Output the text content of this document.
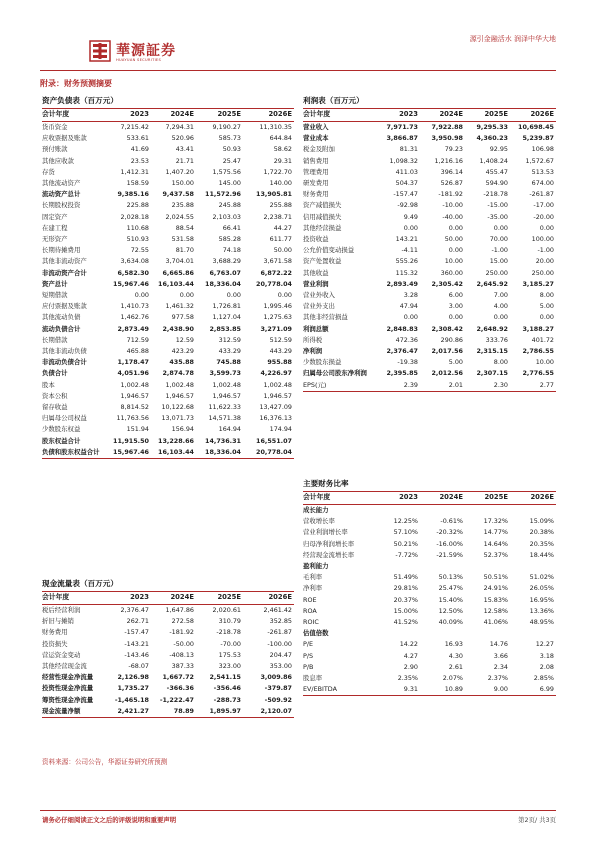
華源証券
HUAYUAN SECURITIES
源引金融活水 润泽中华大地
附录：财务预测摘要
资产负债表（百万元）
会计年度	2023	2024E	2025E	2026E
货币资金	7,215.42	7,294.31	9,190.27	11,310.35
应收票据及账款	533.61	520.96	585.73	644.84
预付账款	41.69	43.41	50.93	58.62
其他应收款	23.53	21.71	25.47	29.31
存货	1,412.31	1,407.20	1,575.56	1,722.70
其他流动资产	158.59	150.00	145.00	140.00
流动资产总计	9,385.16	9,437.58	11,572.96	13,905.81
长期股权投资	225.88	235.88	245.88	255.88
固定资产	2,028.18	2,024.55	2,103.03	2,238.71
在建工程	110.68	88.54	66.41	44.27
无形资产	510.93	531.58	585.28	611.77
长期待摊费用	72.55	81.70	74.18	50.00
其他非流动资产	3,634.08	3,704.01	3,688.29	3,671.58
非流动资产合计	6,582.30	6,665.86	6,763.07	6,872.22
资产总计	15,967.46	16,103.44	18,336.04	20,778.04
短期借款	0.00	0.00	0.00	0.00
应付票据及账款	1,410.73	1,461.32	1,726.81	1,995.46
其他流动负债	1,462.76	977.58	1,127.04	1,275.63
流动负债合计	2,873.49	2,438.90	2,853.85	3,271.09
长期借款	712.59	12.59	312.59	512.59
其他非流动负债	465.88	423.29	433.29	443.29
非流动负债合计	1,178.47	435.88	745.88	955.88
负债合计	4,051.96	2,874.78	3,599.73	4,226.97
股本	1,002.48	1,002.48	1,002.48	1,002.48
资本公积	1,946.57	1,946.57	1,946.57	1,946.57
留存收益	8,814.52	10,122.68	11,622.33	13,427.09
归属母公司权益	11,763.56	13,071.73	14,571.38	16,376.13
少数股东权益	151.94	156.94	164.94	174.94
股东权益合计	11,915.50	13,228.66	14,736.31	16,551.07
负债和股东权益合计	15,967.46	16,103.44	18,336.04	20,778.04
利润表（百万元）
会计年度	2023	2024E	2025E	2026E
营业收入	7,971.73	7,922.88	9,295.33	10,698.45
营业成本	3,866.87	3,950.98	4,360.23	5,239.87
税金及附加	81.31	79.23	92.95	106.98
销售费用	1,098.32	1,216.16	1,408.24	1,572.67
管理费用	411.03	396.14	455.47	513.53
研发费用	504.37	526.87	594.90	674.00
财务费用	-157.47	-181.92	-218.78	-261.87
资产减值损失	-92.98	-10.00	-15.00	-17.00
信用减值损失	9.49	-40.00	-35.00	-20.00
其他经营损益	0.00	0.00	0.00	0.00
投资收益	143.21	50.00	70.00	100.00
公允价值变动损益	-4.11	0.00	-1.00	-1.00
资产处置收益	555.26	10.00	15.00	20.00
其他收益	115.32	360.00	250.00	250.00
营业利润	2,893.49	2,305.42	2,645.92	3,185.27
营业外收入	3.28	6.00	7.00	8.00
营业外支出	47.94	3.00	4.00	5.00
其他非经营损益	0.00	0.00	0.00	0.00
利润总额	2,848.83	2,308.42	2,648.92	3,188.27
所得税	472.36	290.86	333.76	401.72
净利润	2,376.47	2,017.56	2,315.15	2,786.55
少数股东损益	-19.38	5.00	8.00	10.00
归属母公司股东净利润	2,395.85	2,012.56	2,307.15	2,776.55
EPS(元)	2.39	2.01	2.30	2.77
主要财务比率
会计年度	2023	2024E	2025E	2026E
成长能力				
营收增长率	12.25%	-0.61%	17.32%	15.09%
营业利润增长率	57.10%	-20.32%	14.77%	20.38%
归母净利润增长率	50.21%	-16.00%	14.64%	20.35%
经营现金流增长率	-7.72%	-21.59%	52.37%	18.44%
盈利能力				
毛利率	51.49%	50.13%	50.51%	51.02%
净利率	29.81%	25.47%	24.91%	26.05%
ROE	20.37%	15.40%	15.83%	16.95%
ROA	15.00%	12.50%	12.58%	13.36%
ROIC	41.52%	40.09%	41.06%	48.95%
估值倍数				
P/E	14.22	16.93	14.76	12.27
P/S	4.27	4.30	3.66	3.18
P/B	2.90	2.61	2.34	2.08
股息率	2.35%	2.07%	2.37%	2.85%
EV/EBITDA	9.31	10.89	9.00	6.99
现金流量表（百万元）
会计年度	2023	2024E	2025E	2026E
税后经营利润	2,376.47	1,647.86	2,020.61	2,461.42
折旧与摊销	262.71	272.58	310.79	352.85
财务费用	-157.47	-181.92	-218.78	-261.87
投资损失	-143.21	-50.00	-70.00	-100.00
营运资金变动	-143.46	-408.13	175.53	204.47
其他经营现金流	-68.07	387.33	323.00	353.00
经营性现金净流量	2,126.98	1,667.72	2,541.15	3,009.86
投资性现金净流量	1,735.27	-366.36	-356.46	-379.87
筹资性现金净流量	-1,465.18	-1,222.47	-288.73	-509.92
现金流量净额	2,421.27	78.89	1,895.97	2,120.07
资料来源：公司公告，华源证券研究所预测
请务必仔细阅读正文之后的评级说明和重要声明	第2页/ 共3页
